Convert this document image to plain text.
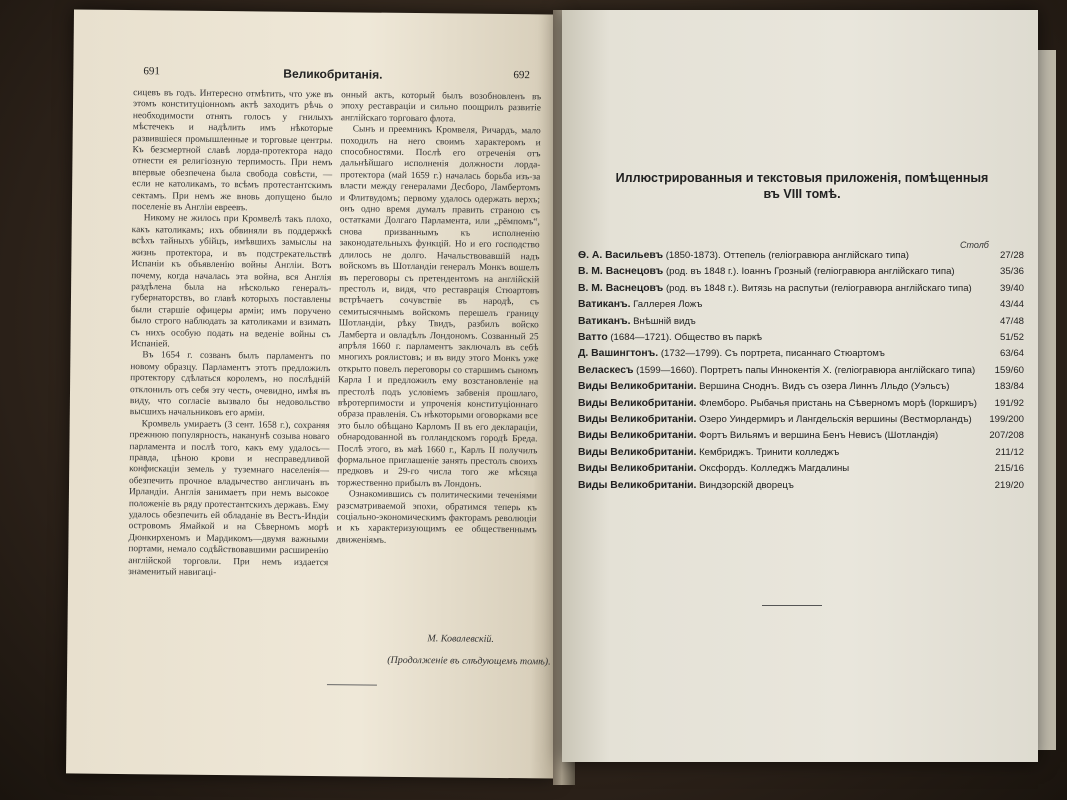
691	Великобританія.	692

сицевъ въ годъ. Интересно отмѣтить, что уже въ этомъ конституціонномъ актѣ заходитъ рѣчь о необходимости отнять голосъ у гнилыхъ мѣстечекъ и надѣлить имъ нѣкоторые развившіеся промышленные и торговые центры. Къ безсмертной славѣ лорда-протектора надо отнести ея религіозную терпимость. При немъ впервые обезпечена была свобода совѣсти, — если не католикамъ, то всѣмъ протестантскимъ сектамъ. При немъ же вновь допущено было поселеніе въ Англіи евреевъ.

Никому не жилось при Кромвелѣ такъ плохо, какъ католикамъ; ихъ обвиняли въ поддержкѣ всѣхъ тайныхъ убійцъ, имѣвшихъ замыслы на жизнь протектора, и въ подстрекательствѣ Испаніи къ объявленію войны Англіи. Вотъ почему, когда началась эта война, вся Англія раздѣлена была на нѣсколько генералъ-губернаторствъ, во главѣ которыхъ поставлены были старшіе офицеры арміи; имъ поручено было строго наблюдать за католиками и взимать съ нихъ особую подать на веденіе войны съ Испаніей.

Въ 1654 г. созванъ былъ парламентъ по новому образцу. Парламентъ этотъ предложилъ протектору сдѣлаться королемъ, но послѣдній отклонилъ отъ себя эту честь, очевидно, имѣя въ виду, что согласіе вызвало бы недовольство высшихъ начальниковъ его арміи.

Кромвель умираетъ (3 сент. 1658 г.), сохраняя прежнюю популярность, наканунѣ созыва новаго парламента и послѣ того, какъ ему удалось—правда, цѣною крови и несправедливой конфискаціи земель у туземнаго населенія—обезпечить прочное владычество англичанъ въ Ирландіи. Англія занимаетъ при немъ высокое положеніе въ ряду протестантскихъ державъ. Ему удалось обезпечить ей обладаніе въ Вестъ-Индіи островомъ Ямайкой и на Сѣверномъ морѣ Дюнкирхеномъ и Мардикомъ—двумя важными портами, немало содѣйствовавшими расширенію англійской торговли. При немъ издается знаменитый навигаці-

онный актъ, который былъ возобновленъ въ эпоху реставраціи и сильно поощрилъ развитіе англійскаго торговаго флота.

Сынъ и преемникъ Кромвеля, Ричардъ, мало походилъ на него своимъ характеромъ и способностями. Послѣ его отреченія отъ дальнѣйшаго исполненія должности лорда-протектора (май 1659 г.) началась борьба изъ-за власти между генералами Десборо, Ламбертомъ и Флитвудомъ; первому удалось одержать верхъ; онъ одно время думалъ править страною съ остатками Долгаго Парламента, или „рёмпомъ“, снова призваннымъ къ исполненію законодательныхъ функцій. Но и его господство длилось не долго. Начальствовавшій надъ войскомъ въ Шотландіи генералъ Монкъ вошелъ въ переговоры съ претендентомъ на англійскій престолъ и, видя, что реставрація Стюартовъ встрѣчаетъ сочувствіе въ народѣ, съ семитысячнымъ войскомъ перешелъ границу Шотландіи, рѣку Твидъ, разбилъ войско Ламберта и овладѣлъ Лондономъ. Созванный 25 апрѣля 1660 г. парламентъ заключалъ въ себѣ многихъ роялистовъ; и въ виду этого Монкъ уже открыто повелъ переговоры со старшимъ сыномъ Карла I и предложилъ ему возстановленіе на престолѣ подъ условіемъ забвенія прошлаго, вѣротерпимости и упроченія конституціоннаго образа правленія. Съ нѣкоторыми оговорками все это было обѣщано Карломъ II въ его деклараціи, обнародованной въ голландскомъ городѣ Бреда. Послѣ этого, въ маѣ 1660 г., Карлъ II получилъ формальное приглашеніе занять престолъ своихъ предковъ и 29-го числа того же мѣсяца торжественно прибылъ въ Лондонъ.

Ознакомившись съ политическими теченіями разсматриваемой эпохи, обратимся теперь къ соціально-экономическимъ факторамъ революціи и къ характеризующимъ ее общественнымъ движеніямъ.

М. Ковалевскій.
(Продолженіе въ слѣдующемъ томѣ).
Иллюстрированныя и текстовыя приложенія, помѣщенныя
въ VIII томѣ.
Столб
Ѳ. А. Васильевъ (1850-1873). Оттепель (геліогравюра англійскаго типа)	27/28
В. М. Васнецовъ (род. въ 1848 г.). Іоаннъ Грозный (геліогравюра англійскаго типа)	35/36
В. М. Васнецовъ (род. въ 1848 г.). Витязь на распутьи (геліогравюра англійскаго типа)	39/40
Ватиканъ. Галлерея Ложъ	43/44
Ватиканъ. Внѣшній видъ	47/48
Ватто (1684—1721). Общество въ паркѣ	51/52
Д. Вашингтонъ. (1732—1799). Съ портрета, писаннаго Стюартомъ	63/64
Веласкесъ (1599—1660). Портретъ папы Иннокентія X. (геліогравюра англійскаго типа)	159/60
Виды Великобританіи. Вершина Сноднъ. Видъ съ озера Линнъ Лльдо (Уэльсъ)	183/84
Виды Великобританіи. Флемборо. Рыбачья пристань на Сѣверномъ морѣ (Іоркширъ)	191/92
Виды Великобританіи. Озеро Уиндермиръ и Лангдельскія вершины (Вестморландъ)	199/200
Виды Великобританіи. Фортъ Вильямъ и вершина Бенъ Невисъ (Шотландія)	207/208
Виды Великобританіи. Кембриджъ. Тринити колледжъ	211/12
Виды Великобританіи. Оксфордъ. Колледжъ Магдалины	215/16
Виды Великобританіи. Виндзорскій дворецъ	219/20
